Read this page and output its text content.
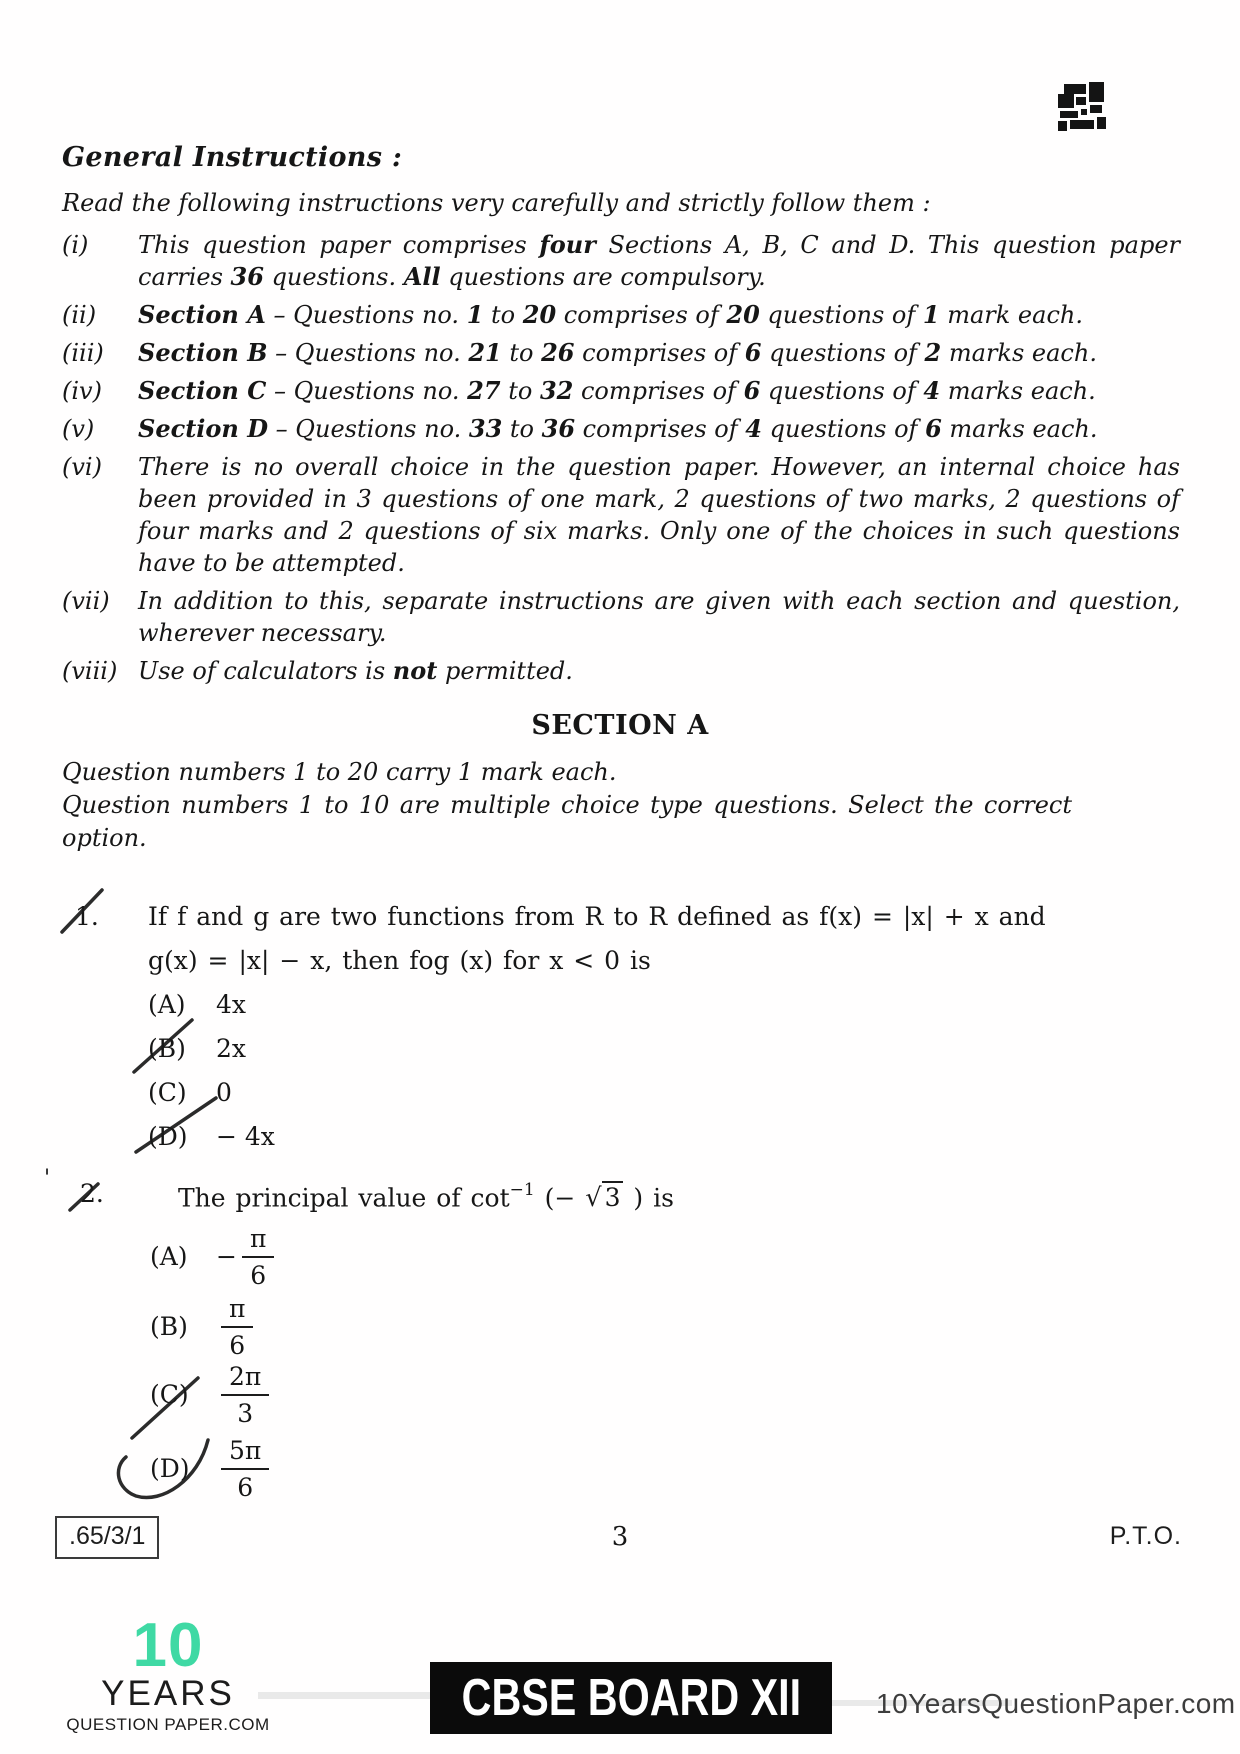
General Instructions :

Read the following instructions very carefully and strictly follow them :

(i)	This question paper comprises four Sections A, B, C and D. This question paper carries 36 questions. All questions are compulsory.
(ii)	Section A – Questions no. 1 to 20 comprises of 20 questions of 1 mark each.
(iii)	Section B – Questions no. 21 to 26 comprises of 6 questions of 2 marks each.
(iv)	Section C – Questions no. 27 to 32 comprises of 6 questions of 4 marks each.
(v)	Section D – Questions no. 33 to 36 comprises of 4 questions of 6 marks each.
(vi)	There is no overall choice in the question paper. However, an internal choice has been provided in 3 questions of one mark, 2 questions of two marks, 2 questions of four marks and 2 questions of six marks. Only one of the choices in such questions have to be attempted.
(vii)	In addition to this, separate instructions are given with each section and question, wherever necessary.
(viii) Use of calculators is not permitted.
SECTION A

Question numbers 1 to 20 carry 1 mark each.

Question numbers 1 to 10 are multiple choice type questions. Select the correct option.

1. If f and g are two functions from R to R defined as f(x) = |x| + x and
g(x) = |x| − x, then fog (x) for x < 0 is
(A)	4x
(B)	2x
(C)	0
(D)	− 4x
'
2.	The principal value of $\cot^{-1}$ (− √ 3 ) is
(A)	− $\frac{\pi}{6}$
(B)	$\frac{\pi}{6}$
(C)	$\frac{2\pi}{3}$
(D)	$\frac{5\pi}{6}$
.65/3/1	3	P.T.O.
10
YEARS
QUESTION PAPER.COM	CBSE BOARD XII	10YearsQuestionPaper.com
